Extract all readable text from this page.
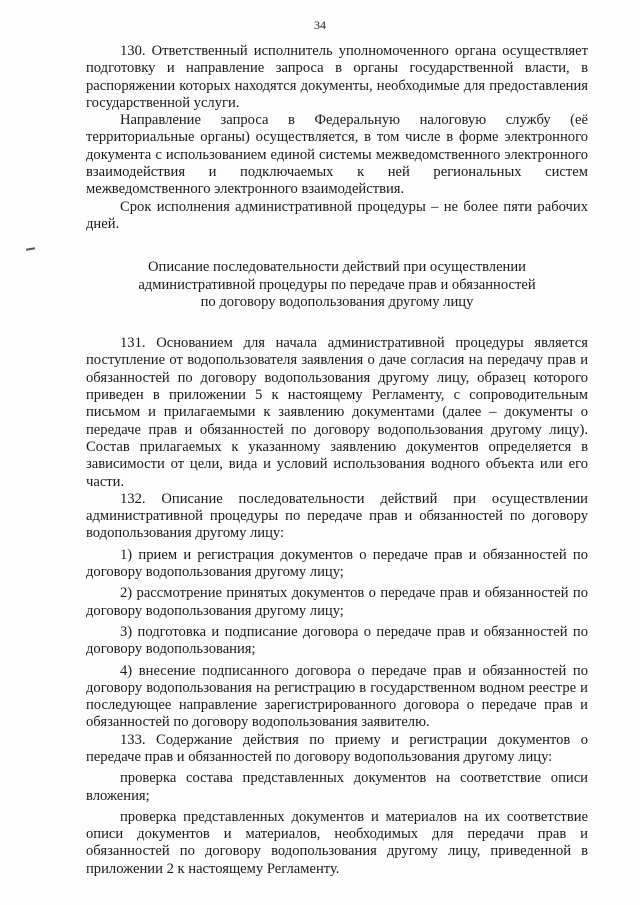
34

130. Ответственный исполнитель уполномоченного органа осуществляет подготовку и направление запроса в органы государственной власти, в распоряжении которых находятся документы, необходимые для предоставления государственной услуги.

Направление запроса в Федеральную налоговую службу (её территориальные органы) осуществляется, в том числе в форме электронного документа с использованием единой системы межведомственного электронного взаимодействия и подключаемых к ней региональных систем межведомственного электронного взаимодействия.

Срок исполнения административной процедуры – не более пяти рабочих дней.

Описание последовательности действий при осуществлении
административной процедуры по передаче прав и обязанностей
по договору водопользования другому лицу

131. Основанием для начала административной процедуры является поступление от водопользователя заявления о даче согласия на передачу прав и обязанностей по договору водопользования другому лицу, образец которого приведен в приложении 5 к настоящему Регламенту, с сопроводительным письмом и прилагаемыми к заявлению документами (далее – документы о передаче прав и обязанностей по договору водопользования другому лицу). Состав прилагаемых к указанному заявлению документов определяется в зависимости от цели, вида и условий использования водного объекта или его части.

132. Описание последовательности действий при осуществлении административной процедуры по передаче прав и обязанностей по договору водопользования другому лицу:

1) прием и регистрация документов о передаче прав и обязанностей по договору водопользования другому лицу;

2) рассмотрение принятых документов о передаче прав и обязанностей по договору водопользования другому лицу;

3) подготовка и подписание договора о передаче прав и обязанностей по договору водопользования;

4) внесение подписанного договора о передаче прав и обязанностей по договору водопользования на регистрацию в государственном водном реестре и последующее направление зарегистрированного договора о передаче прав и обязанностей по договору водопользования заявителю.

133. Содержание действия по приему и регистрации документов о передаче прав и обязанностей по договору водопользования другому лицу:

проверка состава представленных документов на соответствие описи вложения;

проверка представленных документов и материалов на их соответствие описи документов и материалов, необходимых для передачи прав и обязанностей по договору водопользования другому лицу, приведенной в приложении 2 к настоящему Регламенту.
